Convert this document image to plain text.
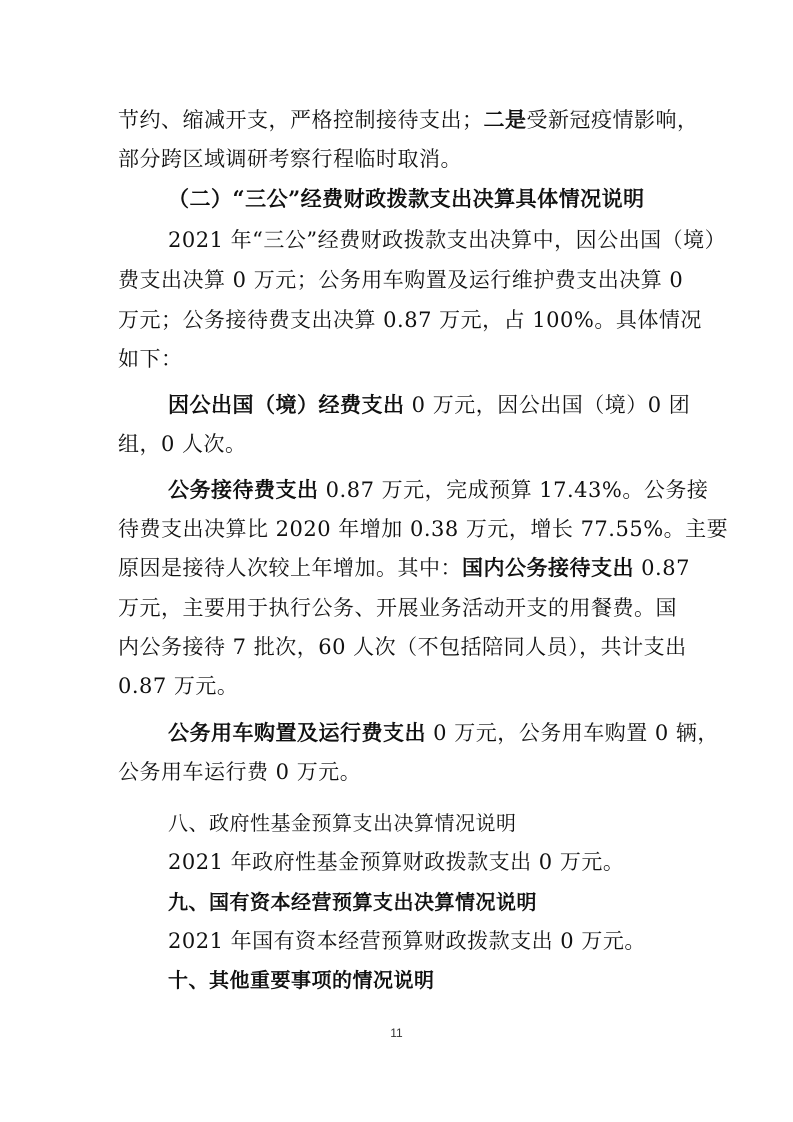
节约、缩减开支，严格控制接待支出；二是受新冠疫情影响，
部分跨区域调研考察行程临时取消。
（二）“三公”经费财政拨款支出决算具体情况说明
2021 年“三公”经费财政拨款支出决算中，因公出国（境）
费支出决算 0 万元；公务用车购置及运行维护费支出决算 0
万元；公务接待费支出决算 0.87 万元，占 100%。具体情况
如下：
因公出国（境）经费支出 0 万元，因公出国（境）0 团
组，0 人次。
公务接待费支出 0.87 万元，完成预算 17.43%。公务接
待费支出决算比 2020 年增加 0.38 万元，增长 77.55%。主要
原因是接待人次较上年增加。其中：国内公务接待支出 0.87
万元，主要用于执行公务、开展业务活动开支的用餐费。国
内公务接待 7 批次，60 人次（不包括陪同人员），共计支出
0.87 万元。
公务用车购置及运行费支出 0 万元，公务用车购置 0 辆，
公务用车运行费 0 万元。
八、政府性基金预算支出决算情况说明
2021 年政府性基金预算财政拨款支出 0 万元。
九、国有资本经营预算支出决算情况说明
2021 年国有资本经营预算财政拨款支出 0 万元。
十、其他重要事项的情况说明
11
